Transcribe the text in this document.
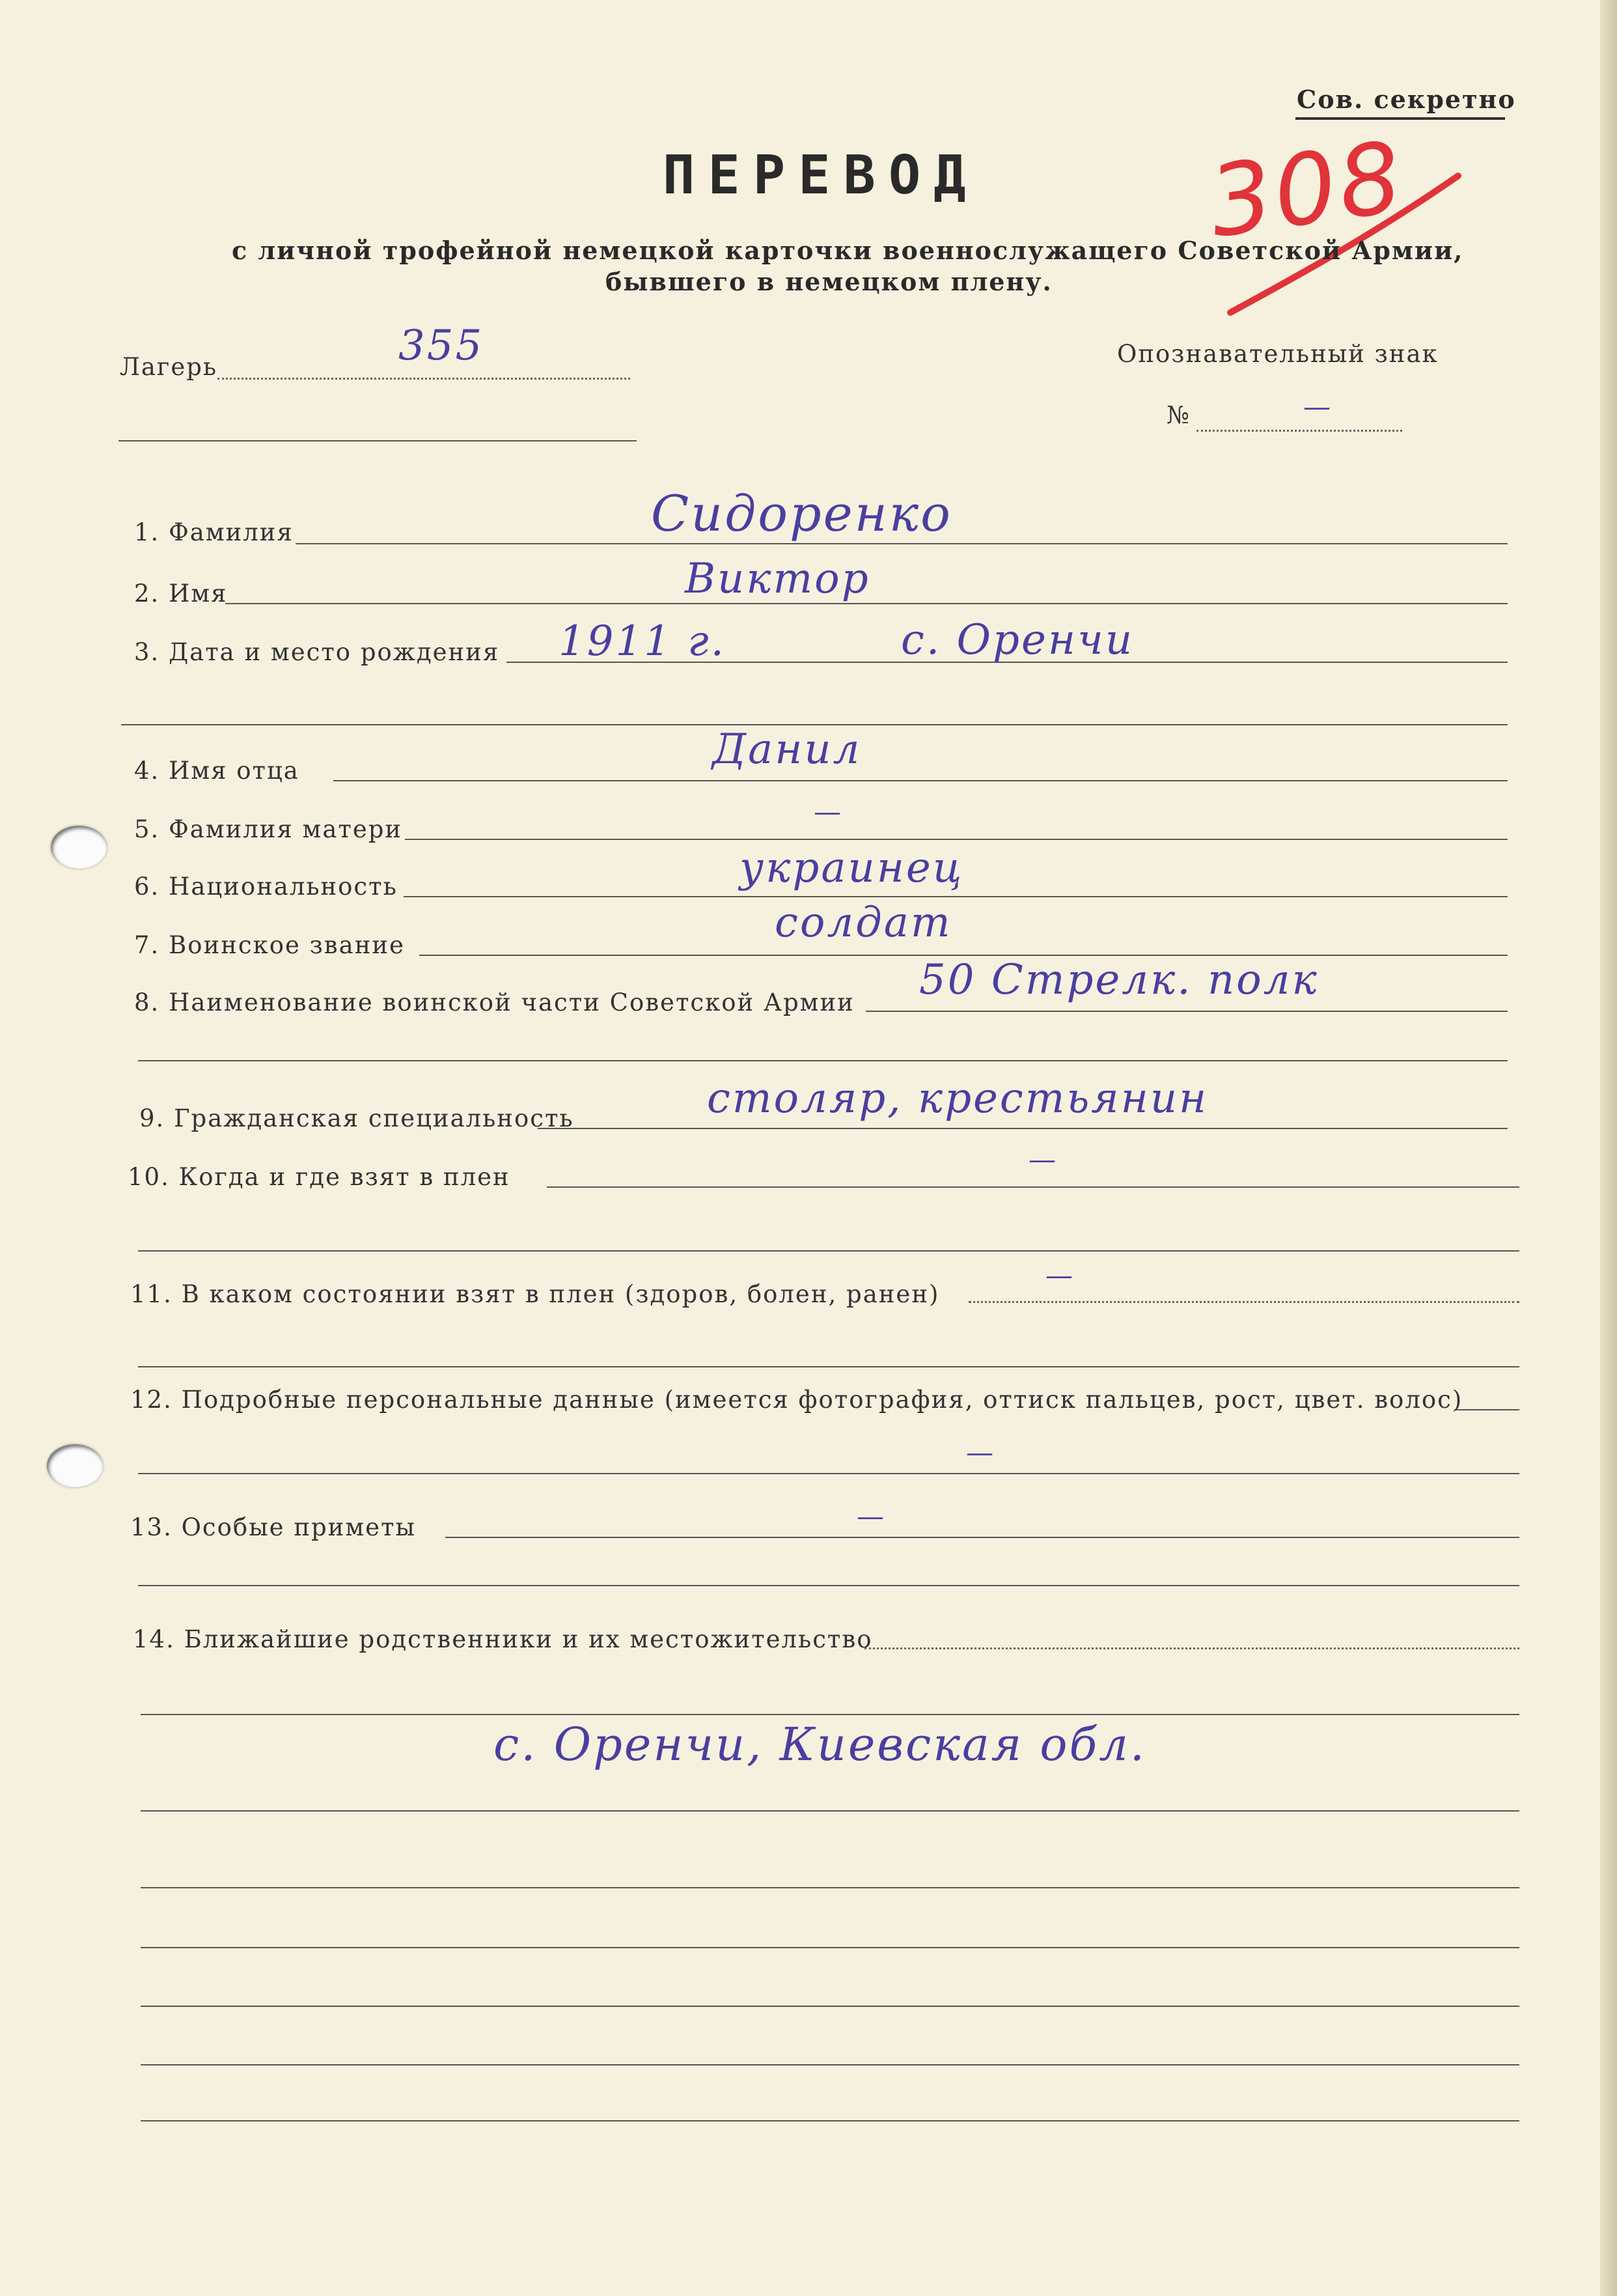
Сов. секретно
308
ПЕРЕВОД
с личной трофейной немецкой карточки военнослужащего Советской Армии,
бывшего в немецком плену.
Лагерь	355	Опознавательный знак
№	—
1. Фамилия	Сидоренко
2. Имя	Виктор
3. Дата и место рождения 1911 г.	с. Оренчи
4. Имя отца	Данил
5. Фамилия матери
—
6. Национальность	украинец
7. Воинское звание	солдат
8. Наименование воинской части Советской Армии 50 Стрелк. полк
9. Гражданская специальность	столяр, крестьянин
10. Когда и где взят в плен
—
11. В каком состоянии взят в плен (здоров, болен, ранен)
—
12. Подробные персональные данные (имеется фотография, оттиск пальцев, рост, цвет. волос)
—
13. Особые приметы	—
14. Ближайшие родственники и их местожительство
с. Оренчи, Киевская обл.
